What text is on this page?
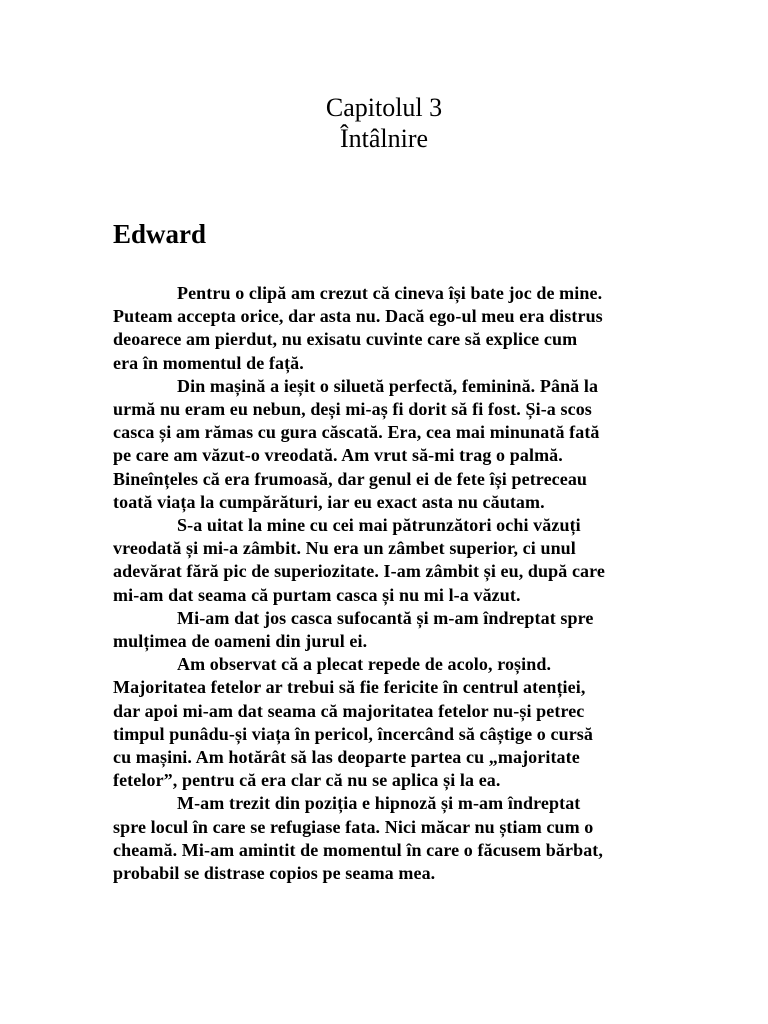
Capitolul 3
Întâlnire
Edward
Pentru o clipă am crezut că cineva își bate joc de mine.
Puteam accepta orice, dar asta nu. Dacă ego-ul meu era distrus
deoarece am pierdut, nu exisatu cuvinte care să explice cum
era în momentul de față.
Din mașină a ieșit o siluetă perfectă, feminină. Până la
urmă nu eram eu nebun, deși mi-aș fi dorit să fi fost. Și-a scos
casca și am rămas cu gura căscată. Era, cea mai minunată fată
pe care am văzut-o vreodată. Am vrut să-mi trag o palmă.
Bineînțeles că era frumoasă, dar genul ei de fete își petreceau
toată viața la cumpărături, iar eu exact asta nu căutam.
S-a uitat la mine cu cei mai pătrunzători ochi văzuți
vreodată și mi-a zâmbit. Nu era un zâmbet superior, ci unul
adevărat fără pic de superiozitate. I-am zâmbit și eu, după care
mi-am dat seama că purtam casca și nu mi l-a văzut.
Mi-am dat jos casca sufocantă și m-am îndreptat spre
mulțimea de oameni din jurul ei.
Am observat că a plecat repede de acolo, roșind.
Majoritatea fetelor ar trebui să fie fericite în centrul atenției,
dar apoi mi-am dat seama că majoritatea fetelor nu-și petrec
timpul punâdu-și viața în pericol, încercând să câștige o cursă
cu mașini. Am hotărât să las deoparte partea cu „majoritate
fetelor”, pentru că era clar că nu se aplica și la ea.
M-am trezit din poziția e hipnoză și m-am îndreptat
spre locul în care se refugiase fata. Nici măcar nu știam cum o
cheamă. Mi-am amintit de momentul în care o făcusem bărbat,
probabil se distrase copios pe seama mea.
